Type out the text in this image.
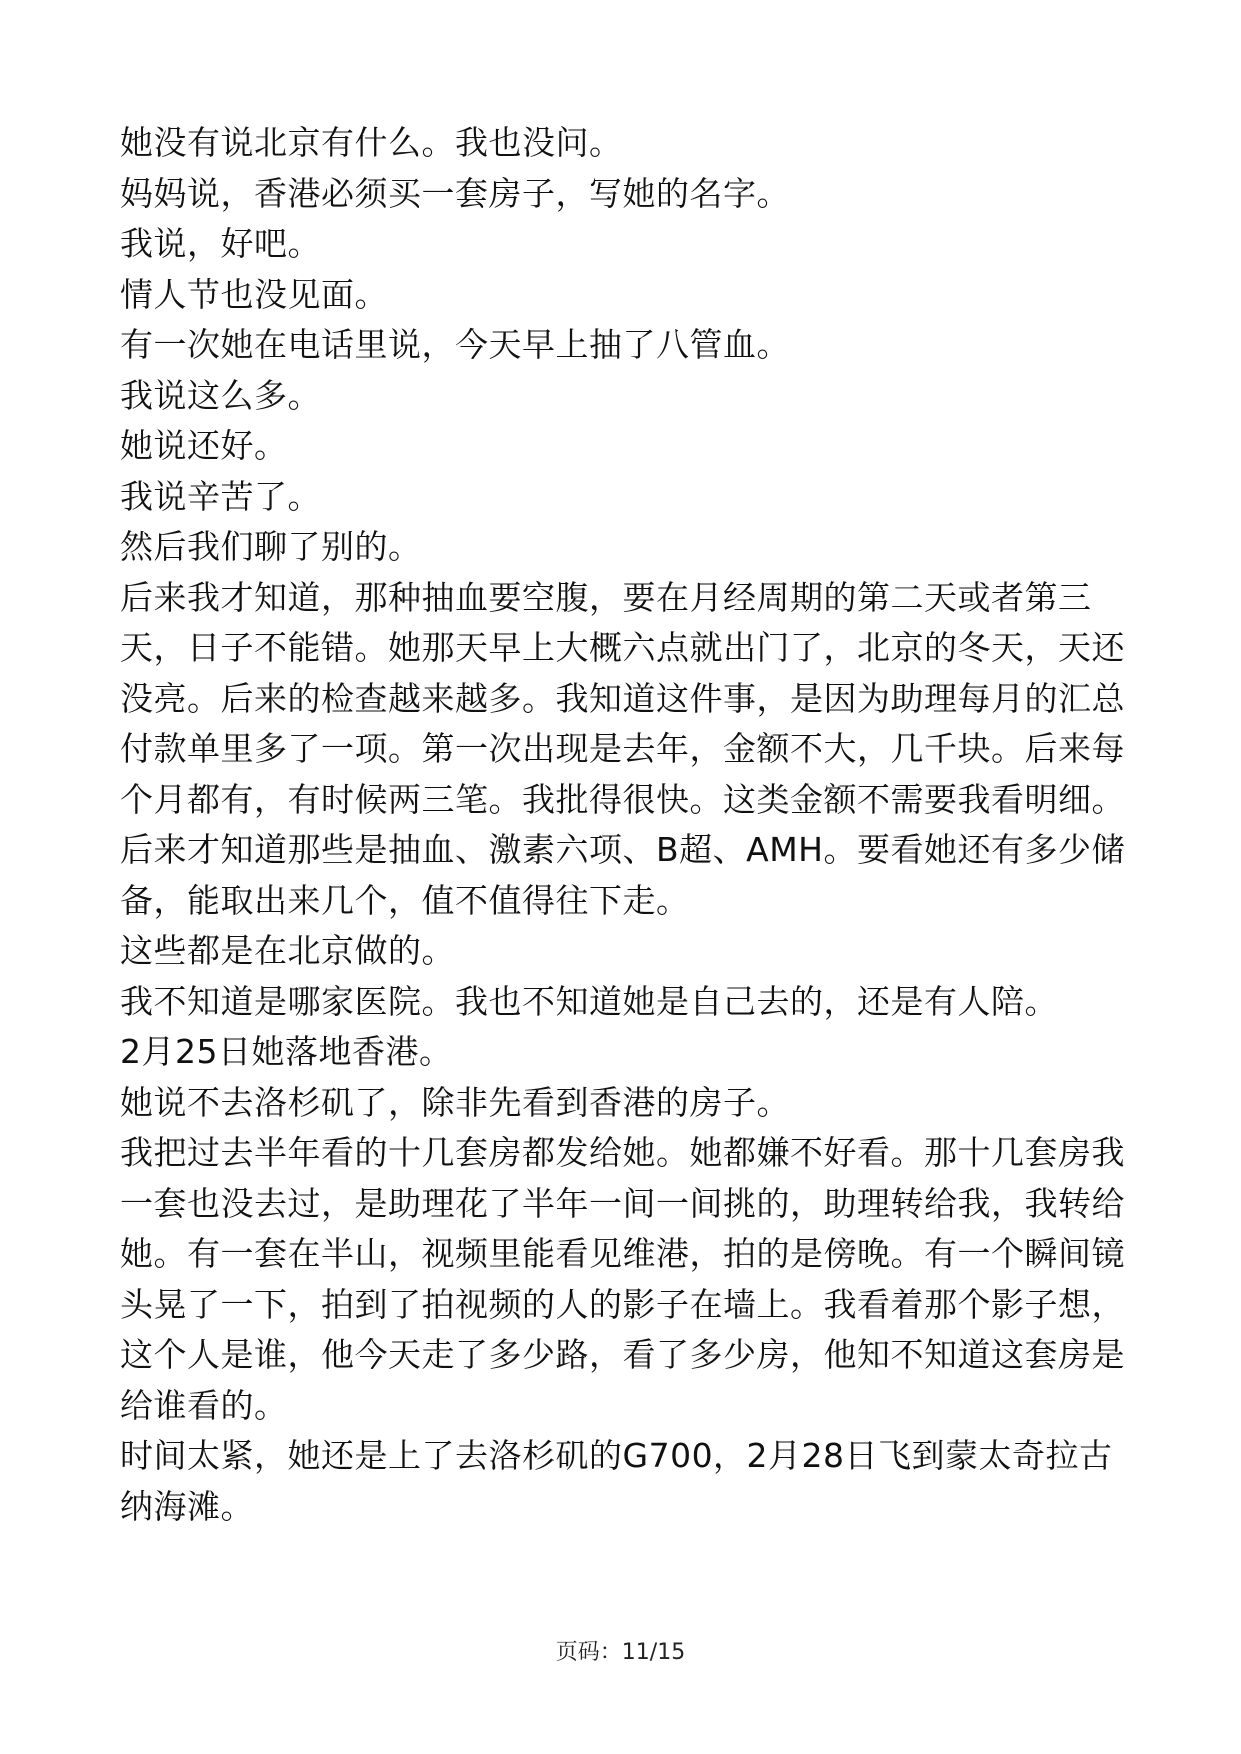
她没有说北京有什么。我也没问。

妈妈说，香港必须买一套房子，写她的名字。

我说，好吧。

情人节也没见面。

有一次她在电话里说，今天早上抽了八管血。

我说这么多。

她说还好。

我说辛苦了。

然后我们聊了别的。

后来我才知道，那种抽血要空腹，要在月经周期的第二天或者第三天，日子不能错。她那天早上大概六点就出门了，北京的冬天，天还没亮。后来的检查越来越多。我知道这件事，是因为助理每月的汇总付款单里多了一项。第一次出现是去年，金额不大，几千块。后来每个月都有，有时候两三笔。我批得很快。这类金额不需要我看明细。后来才知道那些是抽血、激素六项、B超、AMH。要看她还有多少储备，能取出来几个，值不值得往下走。

这些都是在北京做的。

我不知道是哪家医院。我也不知道她是自己去的，还是有人陪。

2月25日她落地香港。

她说不去洛杉矶了，除非先看到香港的房子。

我把过去半年看的十几套房都发给她。她都嫌不好看。那十几套房我一套也没去过，是助理花了半年一间一间挑的，助理转给我，我转给她。有一套在半山，视频里能看见维港，拍的是傍晚。有一个瞬间镜头晃了一下，拍到了拍视频的人的影子在墙上。我看着那个影子想，这个人是谁，他今天走了多少路，看了多少房，他知不知道这套房是给谁看的。

时间太紧，她还是上了去洛杉矶的G700，2月28日飞到蒙太奇拉古纳海滩。

页码：11/15
